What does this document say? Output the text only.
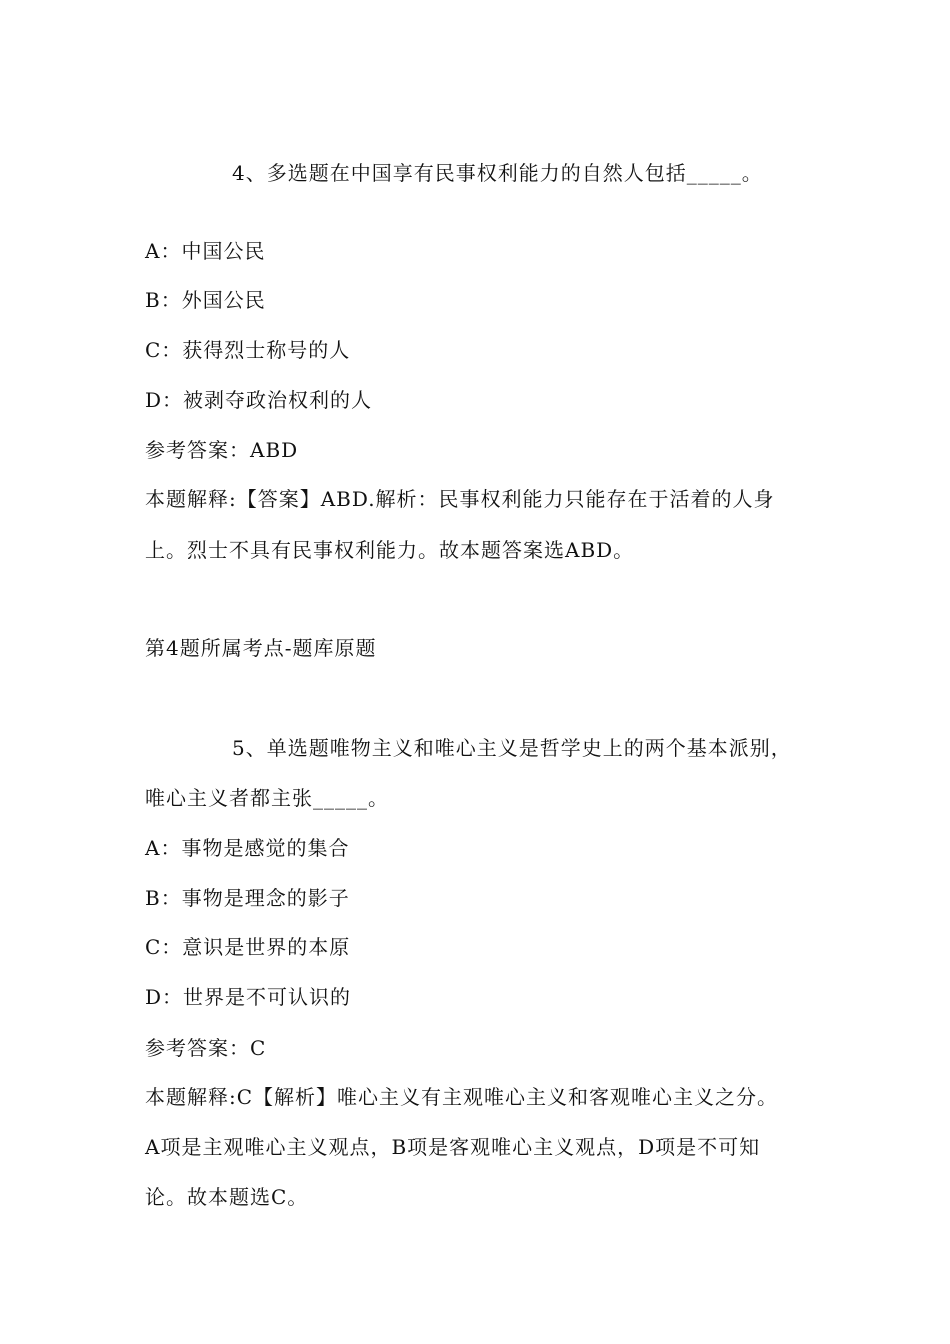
4、多选题在中国享有民事权利能力的自然人包括_____。
A：中国公民
B：外国公民
C：获得烈士称号的人
D：被剥夺政治权利的人
参考答案：ABD
本题解释:【答案】ABD.解析：民事权利能力只能存在于活着的人身
上。烈士不具有民事权利能力。故本题答案选ABD。
第4题所属考点-题库原题
5、单选题唯物主义和唯心主义是哲学史上的两个基本派别，
唯心主义者都主张_____。
A：事物是感觉的集合
B：事物是理念的影子
C：意识是世界的本原
D：世界是不可认识的
参考答案：C
本题解释:C【解析】唯心主义有主观唯心主义和客观唯心主义之分。
A项是主观唯心主义观点，B项是客观唯心主义观点，D项是不可知
论。故本题选C。
